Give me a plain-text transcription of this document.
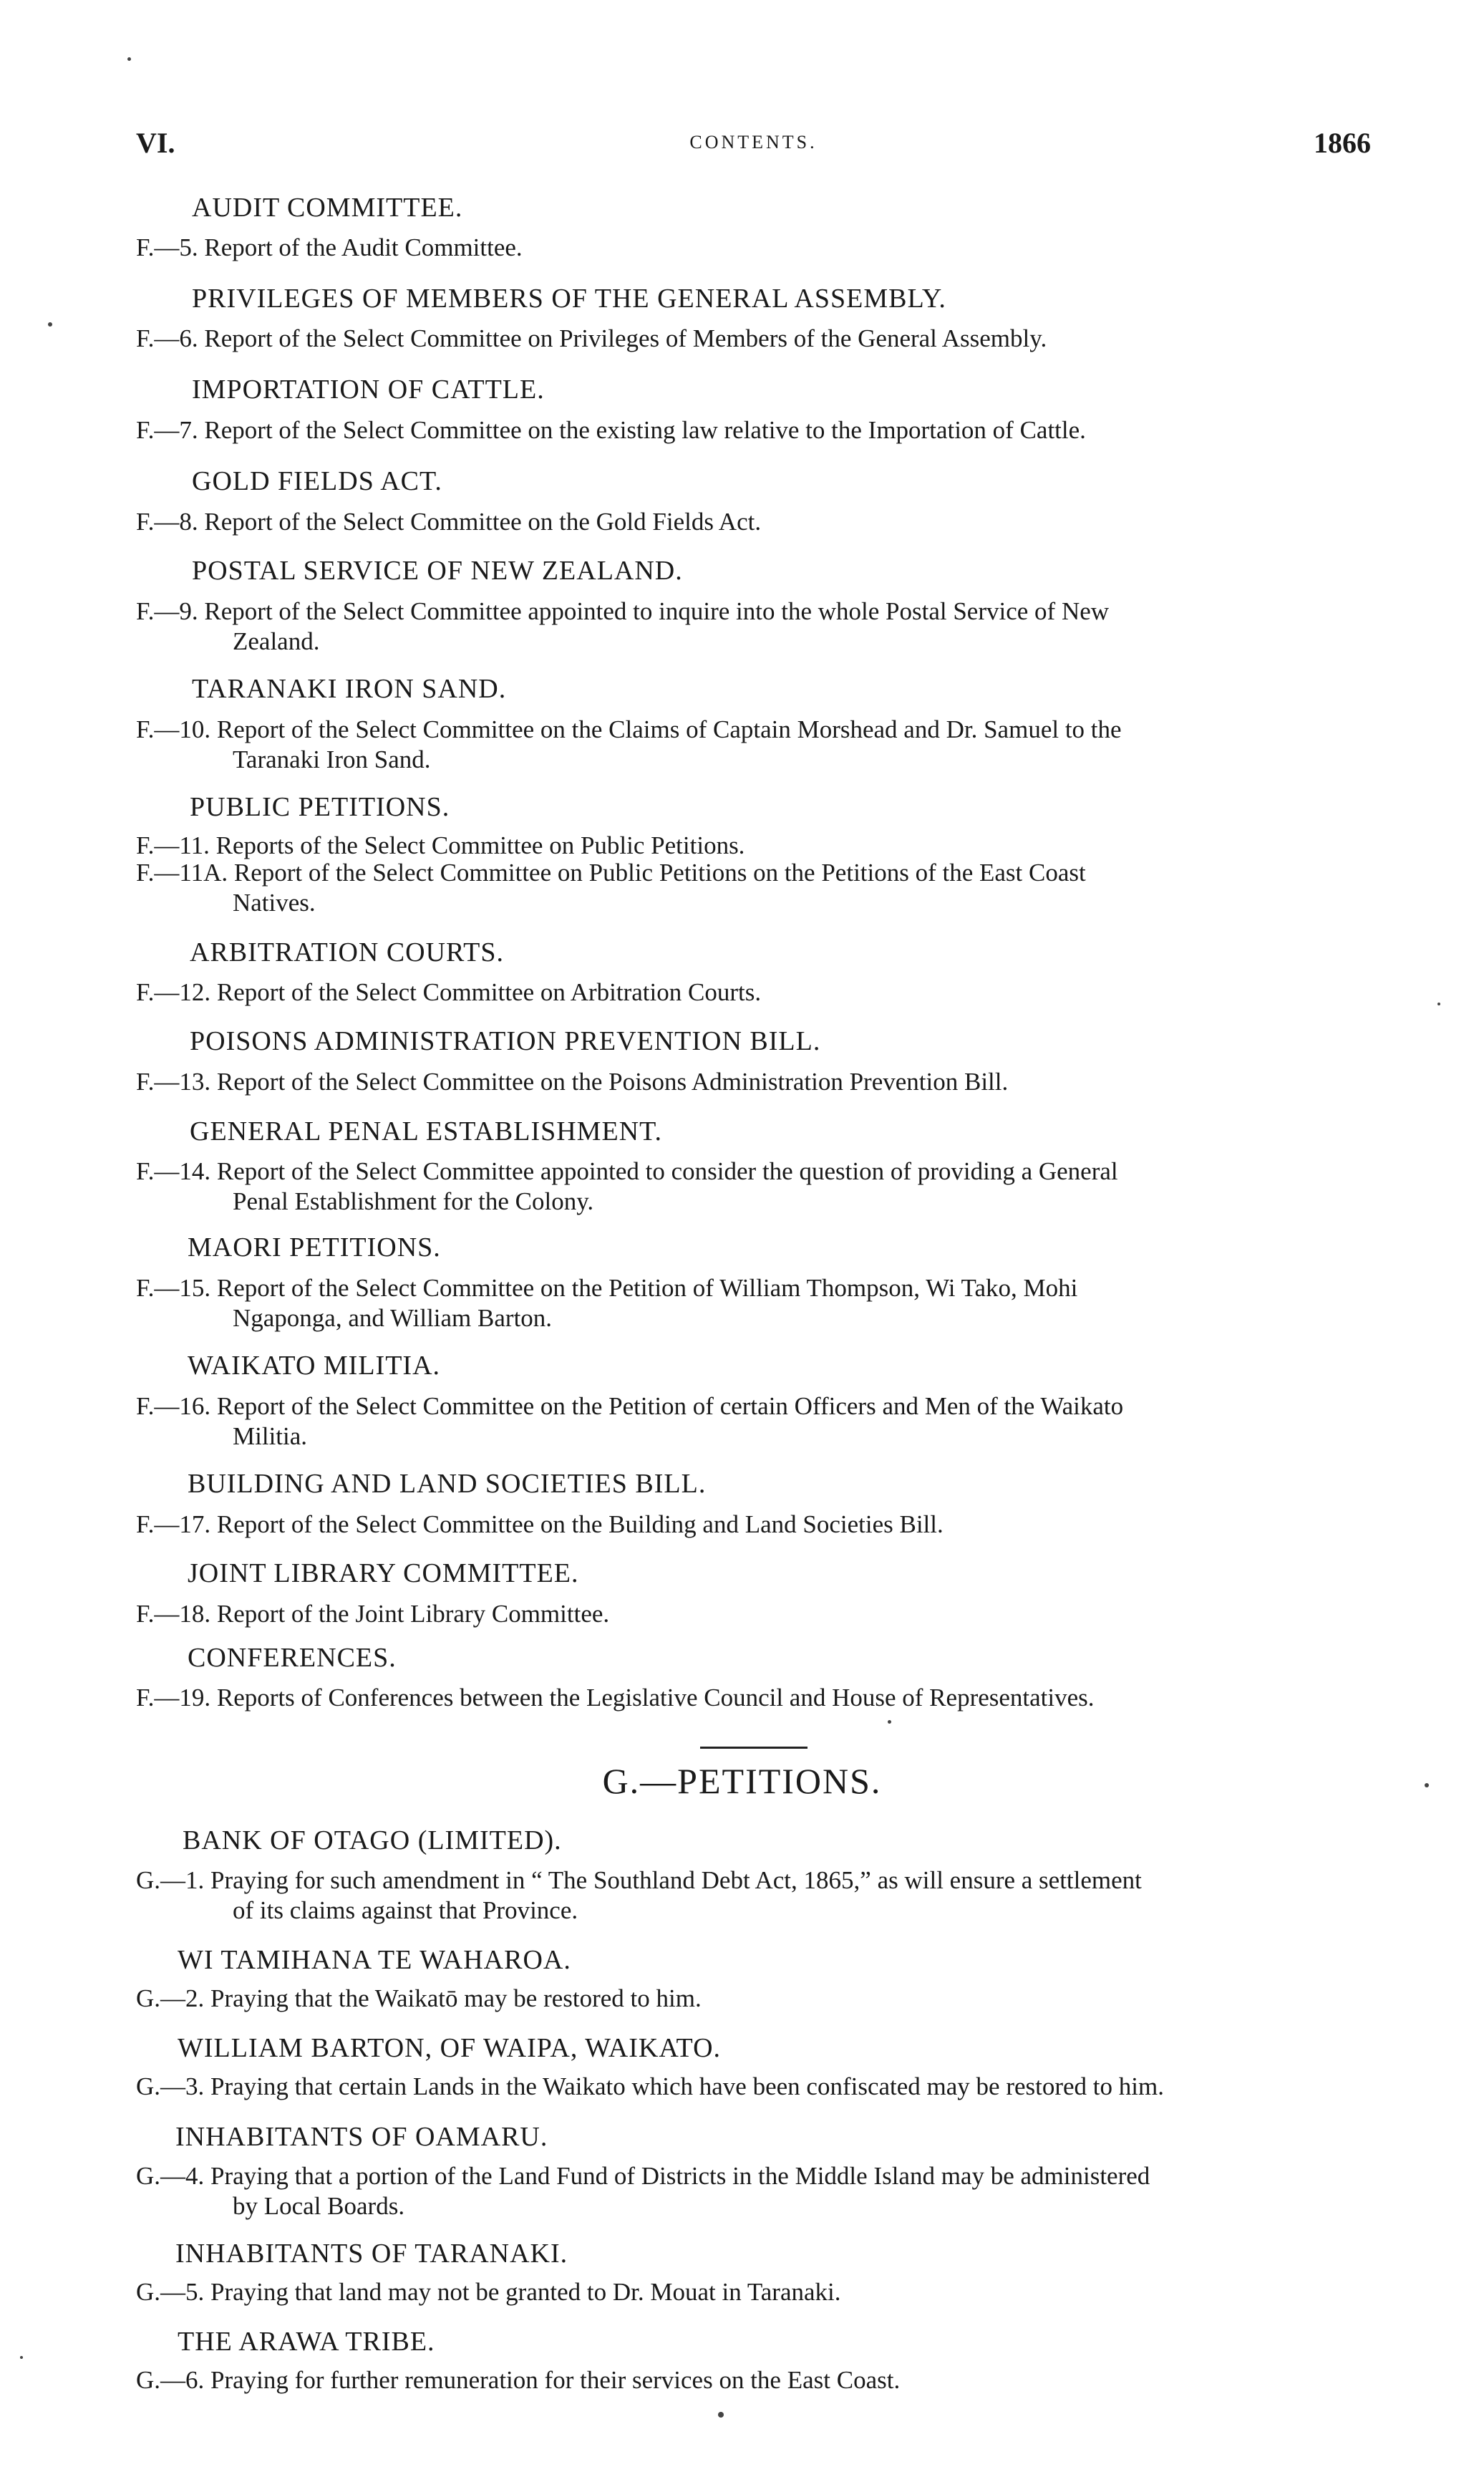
VI.	CONTENTS.	1866
AUDIT COMMITTEE.
F.—5. Report of the Audit Committee.
PRIVILEGES OF MEMBERS OF THE GENERAL ASSEMBLY.
F.—6. Report of the Select Committee on Privileges of Members of the General Assembly.
IMPORTATION OF CATTLE.
F.—7. Report of the Select Committee on the existing law relative to the Importation of Cattle.
GOLD FIELDS ACT.
F.—8. Report of the Select Committee on the Gold Fields Act.
POSTAL SERVICE OF NEW ZEALAND.
F.—9. Report of the Select Committee appointed to inquire into the whole Postal Service of New
Zealand.
TARANAKI IRON SAND.
F.—10. Report of the Select Committee on the Claims of Captain Morshead and Dr. Samuel to the
Taranaki Iron Sand.
PUBLIC PETITIONS.
F.—11. Reports of the Select Committee on Public Petitions.
F.—11A. Report of the Select Committee on Public Petitions on the Petitions of the East Coast
Natives.
ARBITRATION COURTS.
F.—12. Report of the Select Committee on Arbitration Courts.
POISONS ADMINISTRATION PREVENTION BILL.
F.—13. Report of the Select Committee on the Poisons Administration Prevention Bill.
GENERAL PENAL ESTABLISHMENT.
F.—14. Report of the Select Committee appointed to consider the question of providing a General
Penal Establishment for the Colony.
MAORI PETITIONS.
F.—15. Report of the Select Committee on the Petition of William Thompson, Wi Tako, Mohi
Ngaponga, and William Barton.
WAIKATO MILITIA.
F.—16. Report of the Select Committee on the Petition of certain Officers and Men of the Waikato
Militia.
BUILDING AND LAND SOCIETIES BILL.
F.—17. Report of the Select Committee on the Building and Land Societies Bill.
JOINT LIBRARY COMMITTEE.
F.—18. Report of the Joint Library Committee.
CONFERENCES.
F.—19. Reports of Conferences between the Legislative Council and House of Representatives.
G.—PETITIONS.
BANK OF OTAGO (LIMITED).
G.—1. Praying for such amendment in “ The Southland Debt Act, 1865,” as will ensure a settlement
of its claims against that Province.
WI TAMIHANA TE WAHAROA.
G.—2. Praying that the Waikatō may be restored to him.
WILLIAM BARTON, OF WAIPA, WAIKATO.
G.—3. Praying that certain Lands in the Waikato which have been confiscated may be restored to him.
INHABITANTS OF OAMARU.
G.—4. Praying that a portion of the Land Fund of Districts in the Middle Island may be administered
by Local Boards.
INHABITANTS OF TARANAKI.
G.—5. Praying that land may not be granted to Dr. Mouat in Taranaki.
THE ARAWA TRIBE.
G.—6. Praying for further remuneration for their services on the East Coast.
